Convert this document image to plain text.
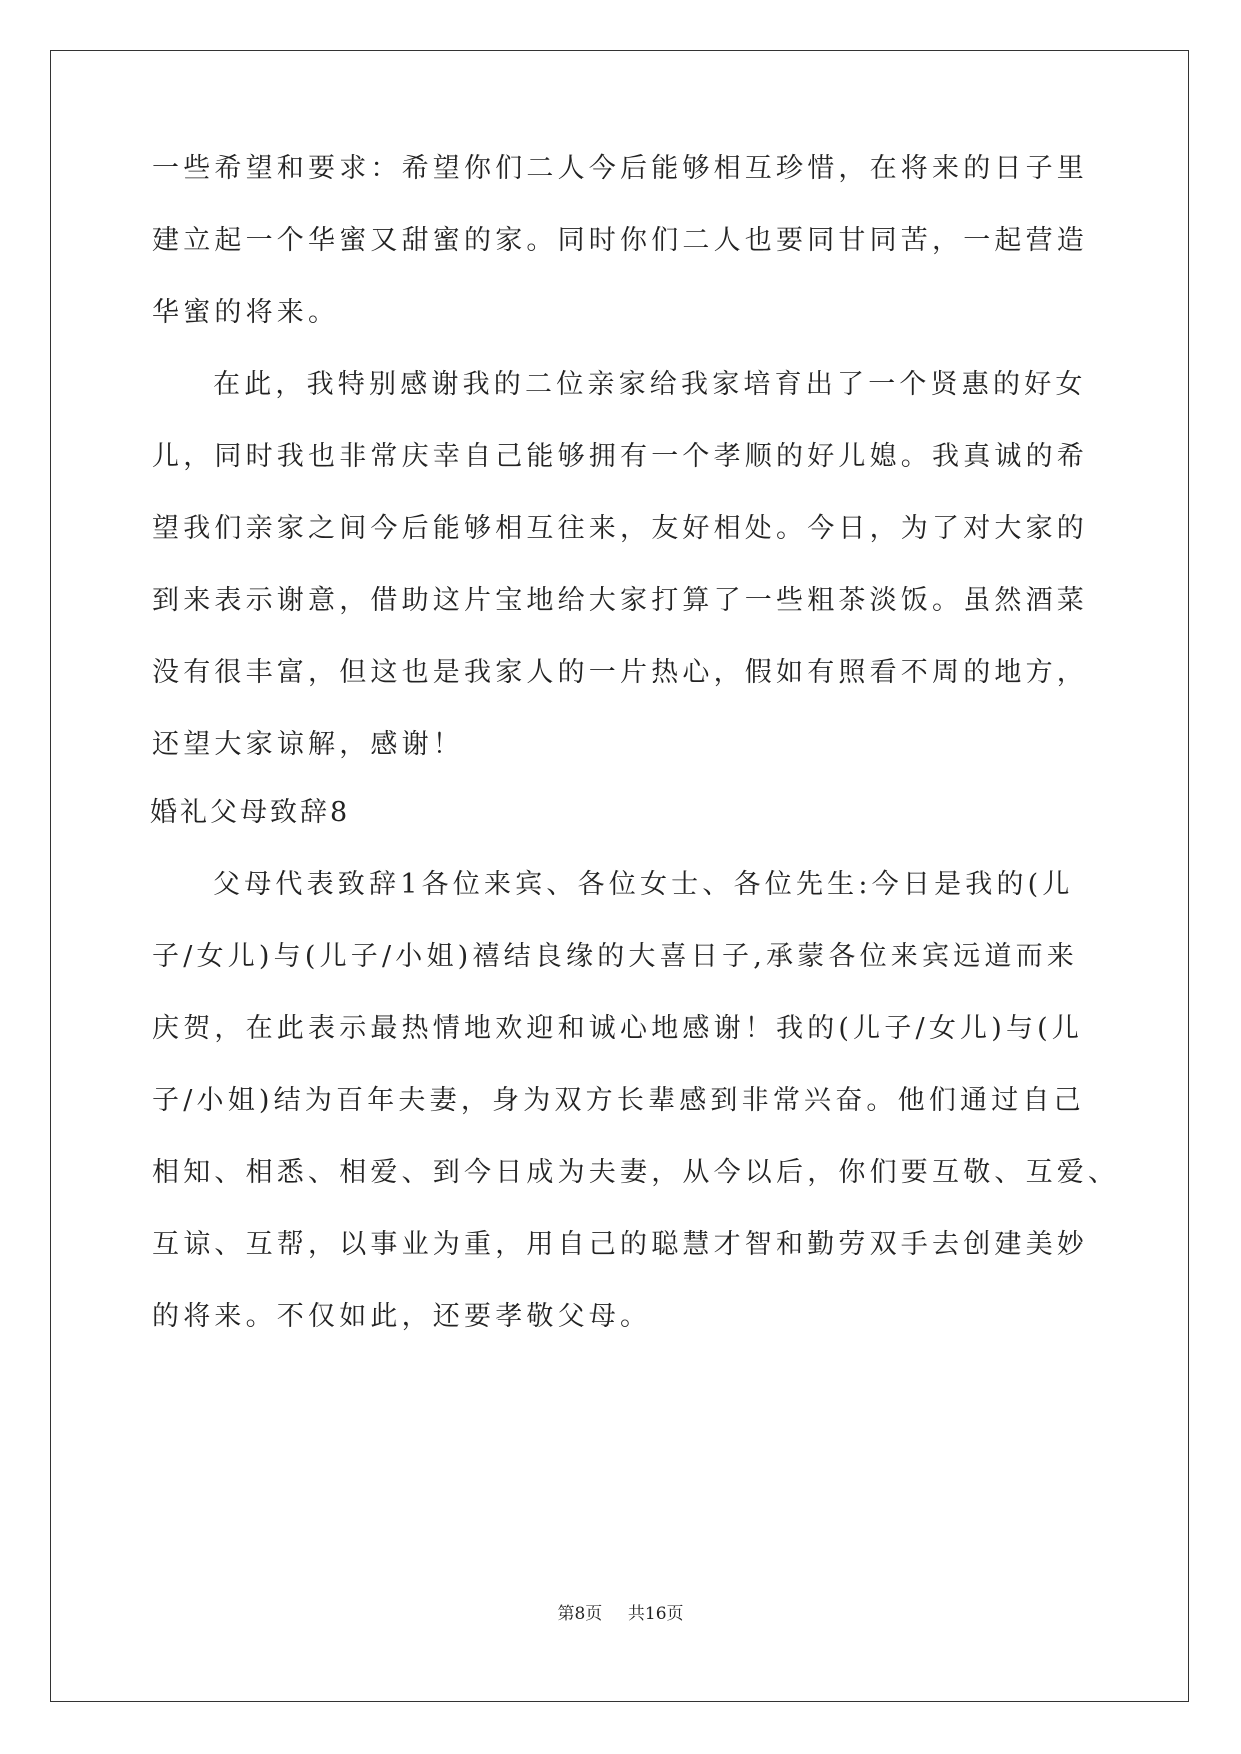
一些希望和要求：希望你们二人今后能够相互珍惜，在将来的日子里
建立起一个华蜜又甜蜜的家。同时你们二人也要同甘同苦，一起营造
华蜜的将来。
在此，我特别感谢我的二位亲家给我家培育出了一个贤惠的好女
儿，同时我也非常庆幸自己能够拥有一个孝顺的好儿媳。我真诚的希
望我们亲家之间今后能够相互往来，友好相处。今日，为了对大家的
到来表示谢意，借助这片宝地给大家打算了一些粗茶淡饭。虽然酒菜
没有很丰富，但这也是我家人的一片热心，假如有照看不周的地方，
还望大家谅解，感谢！
婚礼父母致辞8
父母代表致辞1各位来宾、各位女士、各位先生:今日是我的(儿
子/女儿)与(儿子/小姐)禧结良缘的大喜日子,承蒙各位来宾远道而来
庆贺，在此表示最热情地欢迎和诚心地感谢！我的(儿子/女儿)与(儿
子/小姐)结为百年夫妻，身为双方长辈感到非常兴奋。他们通过自己
相知、相悉、相爱、到今日成为夫妻，从今以后，你们要互敬、互爱、
互谅、互帮，以事业为重，用自己的聪慧才智和勤劳双手去创建美妙
的将来。不仅如此，还要孝敬父母。
第8页 共16页
